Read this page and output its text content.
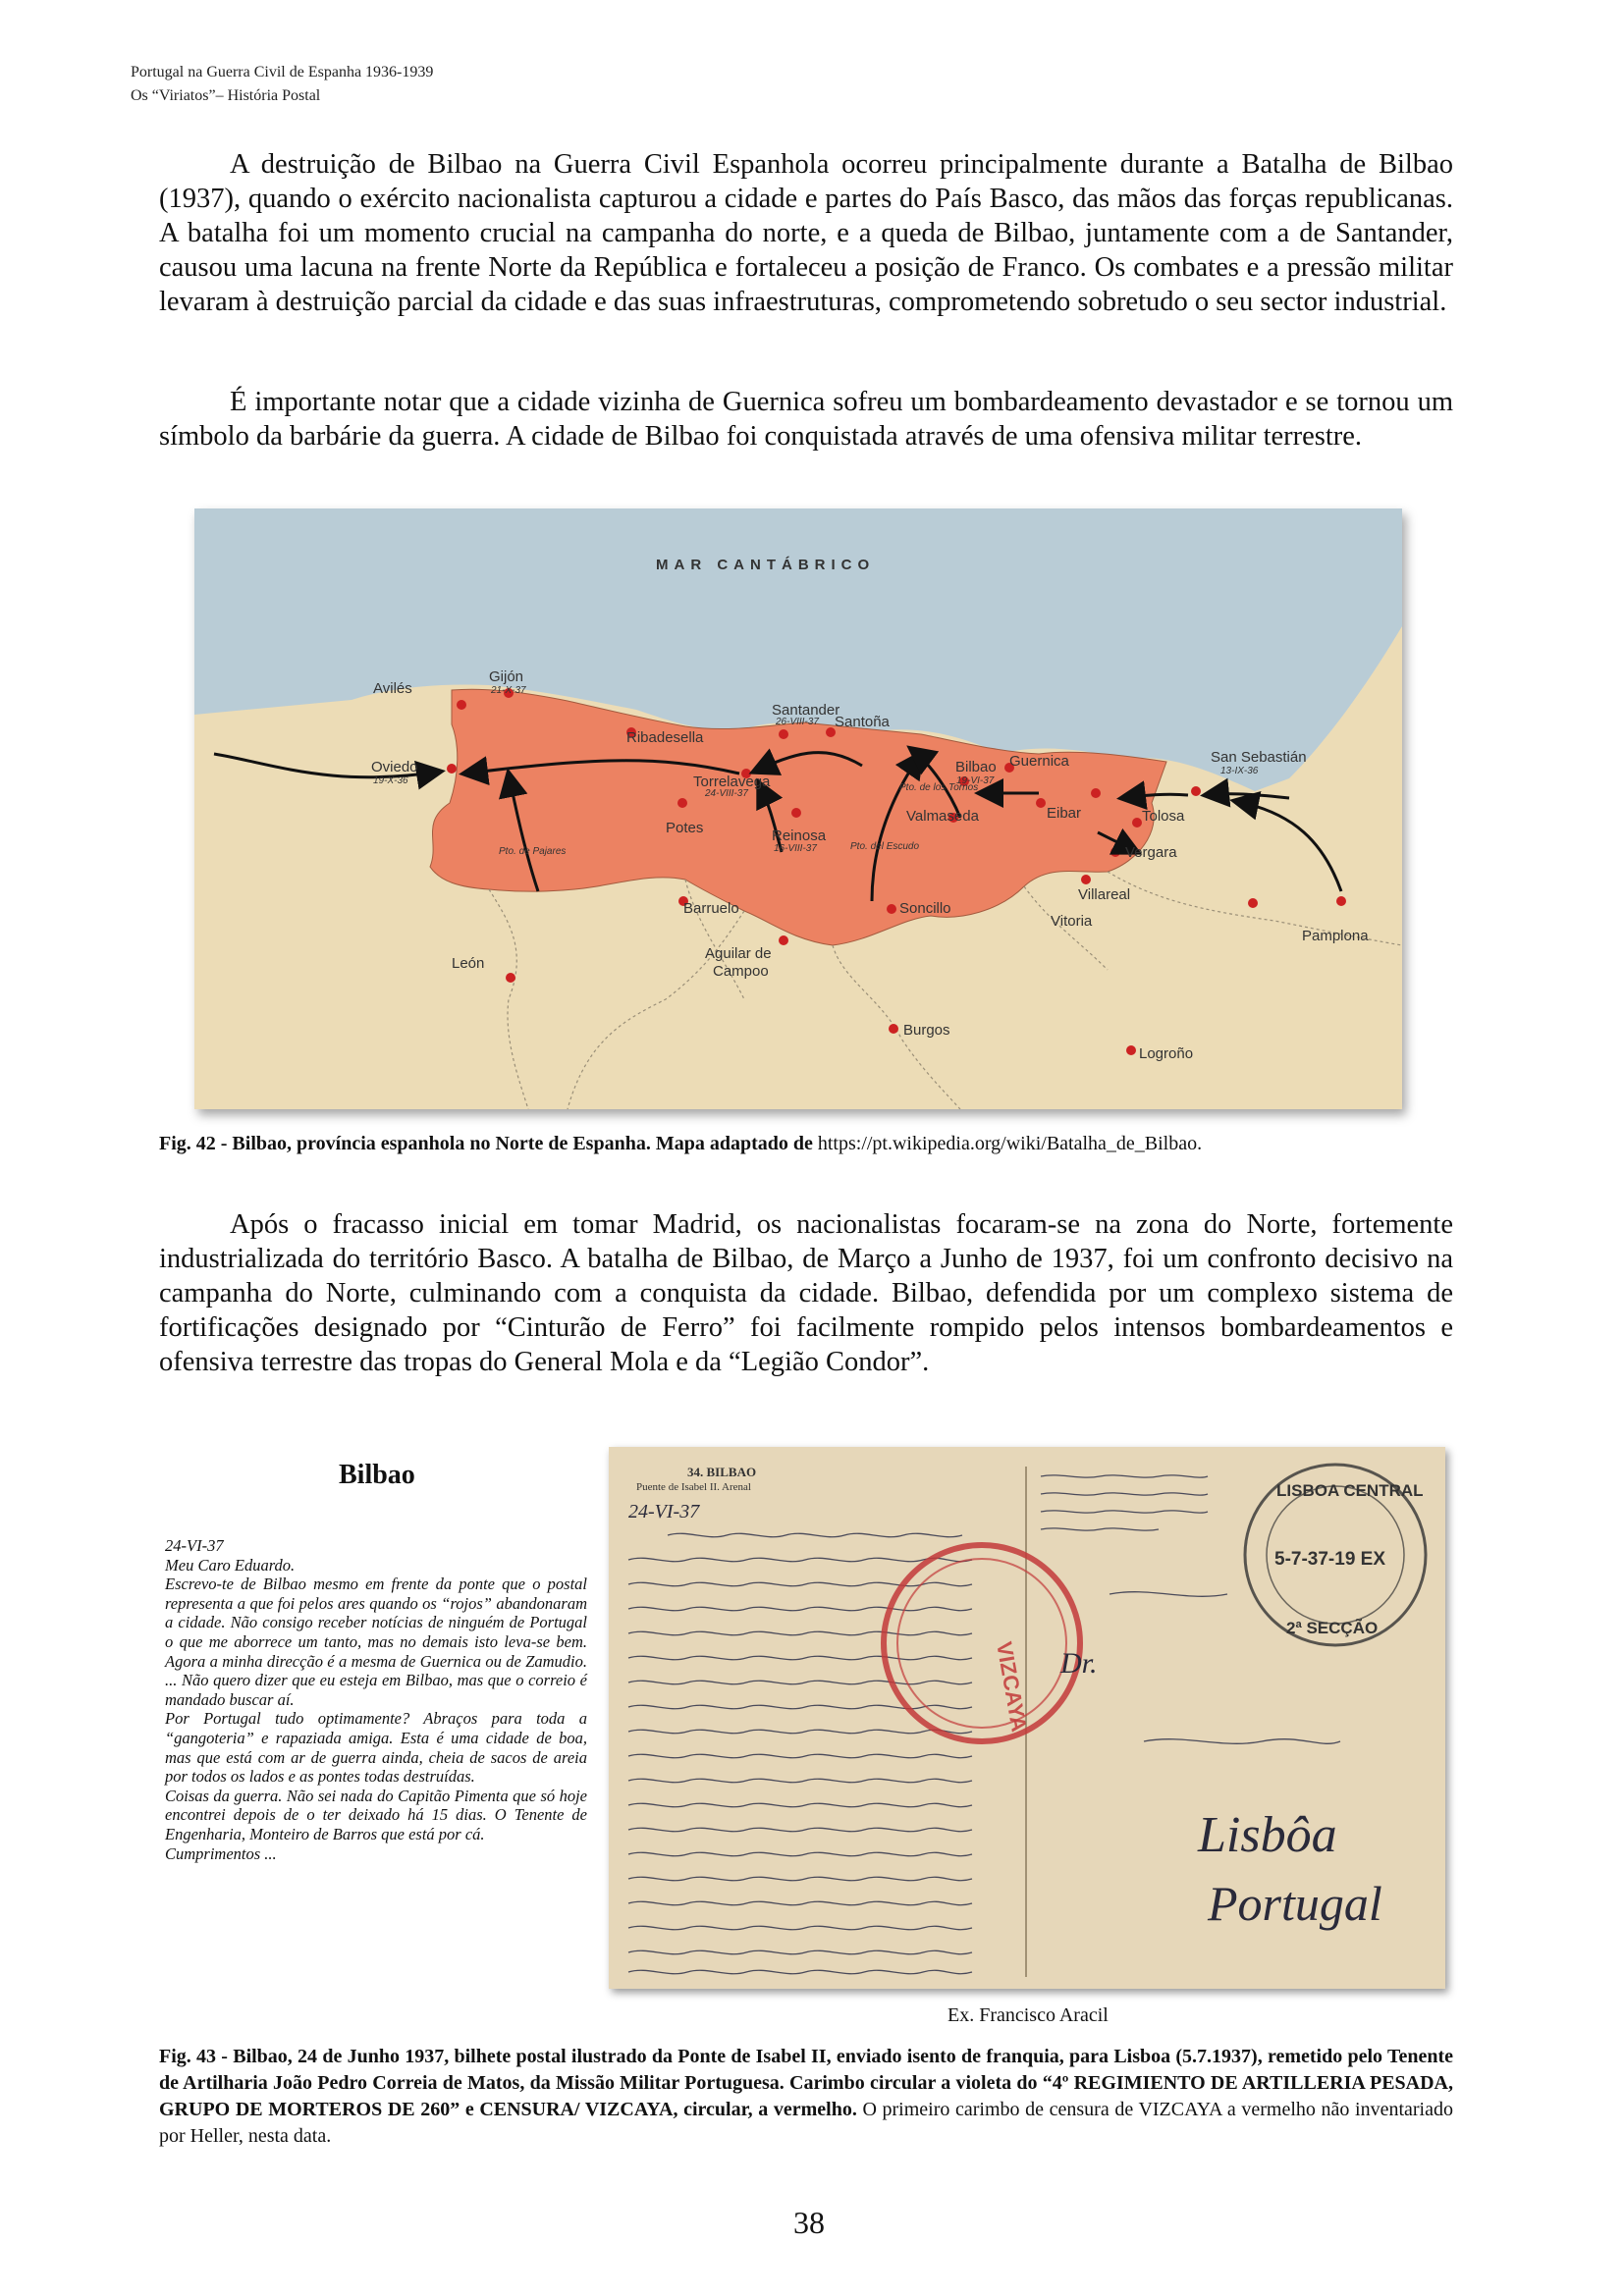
Portugal na Guerra Civil de Espanha 1936-1939
Os “Viriatos”– História Postal

A destruição de Bilbao na Guerra Civil Espanhola ocorreu principalmente durante a Batalha de Bilbao (1937), quando o exército nacionalista capturou a cidade e partes do País Basco, das mãos das forças republicanas. A batalha foi um momento crucial na campanha do norte, e a queda de Bilbao, juntamente com a de Santander, causou uma lacuna na frente Norte da República e fortaleceu a posição de Franco. Os combates e a pressão militar levaram à destruição parcial da cidade e das suas infraestruturas, comprometendo sobretudo o seu sector industrial.

É importante notar que a cidade vizinha de Guernica sofreu um bombardeamento devastador e se tornou um símbolo da barbárie da guerra. A cidade de Bilbao foi conquistada através de uma ofensiva militar terrestre.

MAR CANTÁBRICO
Avilés
Gijón
21-X-37
Oviedo
19-X-36
Ribadesella
Santander
26-VIII-37 Santoña
Torrelavega
24-VIII-37
Bilbao
19-VI-37
Guernica	San Sebastián
13-IX-36
Potes	Reinosa
16-VIII-37
Valmaseda	Eibar	Tolosa
Vergara
Villareal
Vitoria
Barruelo	Soncillo
Aguilar de
Campoo
León
Burgos
Logroño
Pamplona
Pto. de Pajares
Pto. de los Tornos
Pto. del Escudo

Fig. 42 - Bilbao, província espanhola no Norte de Espanha. Mapa adaptado de https://pt.wikipedia.org/wiki/Batalha_de_Bilbao.

Após o fracasso inicial em tomar Madrid, os nacionalistas focaram-se na zona do Norte, fortemente industrializada do território Basco. A batalha de Bilbao, de Março a Junho de 1937, foi um confronto decisivo na campanha do Norte, culminando com a conquista da cidade. Bilbao, defendida por um complexo sistema de fortificações designado por “Cinturão de Ferro” foi facilmente rompido pelos intensos bombardeamentos e ofensiva terrestre das tropas do General Mola e da “Legião Condor”.

Bilbao

24-VI-37

Meu Caro Eduardo.

Escrevo-te de Bilbao mesmo em frente da ponte que o postal representa a que foi pelos ares quando os “rojos” abandonaram a cidade. Não consigo receber notícias de ninguém de Portugal o que me aborrece um tanto, mas no demais isto leva-se bem. Agora a minha direcção é a mesma de Guernica ou de Zamudio. ... Não quero dizer que eu esteja em Bilbao, mas que o correio é mandado buscar aí.

Por Portugal tudo optimamente? Abraços para toda a “gangoteria” e rapaziada amiga. Esta é uma cidade de boa, mas que está com ar de guerra ainda, cheia de sacos de areia por todos os lados e as pontes todas destruídas.

Coisas da guerra. Não sei nada do Capitão Pimenta que só hoje encontrei depois de o ter deixado há 15 dias. O Tenente de Engenharia, Monteiro de Barros que está por cá.

Cumprimentos ...

34. BILBAO
Puente de Isabel II. Arenal
24-VI-37
VIZCAYA
LISBOA CENTRAL
5-7-37-19 EX
2ª SECÇÃO
Dr.
Lisbôa
Portugal
Ex. Francisco Aracil

Fig. 43 - Bilbao, 24 de Junho 1937, bilhete postal ilustrado da Ponte de Isabel II, enviado isento de franquia, para Lisboa (5.7.1937), remetido pelo Tenente de Artilharia João Pedro Correia de Matos, da Missão Militar Portuguesa. Carimbo circular a violeta do “4º REGIMIENTO DE ARTILLERIA PESADA, GRUPO DE MORTEROS DE 260” e CENSURA/ VIZCAYA, circular, a vermelho. O primeiro carimbo de censura de VIZCAYA a vermelho não inventariado por Heller, nesta data.

38
